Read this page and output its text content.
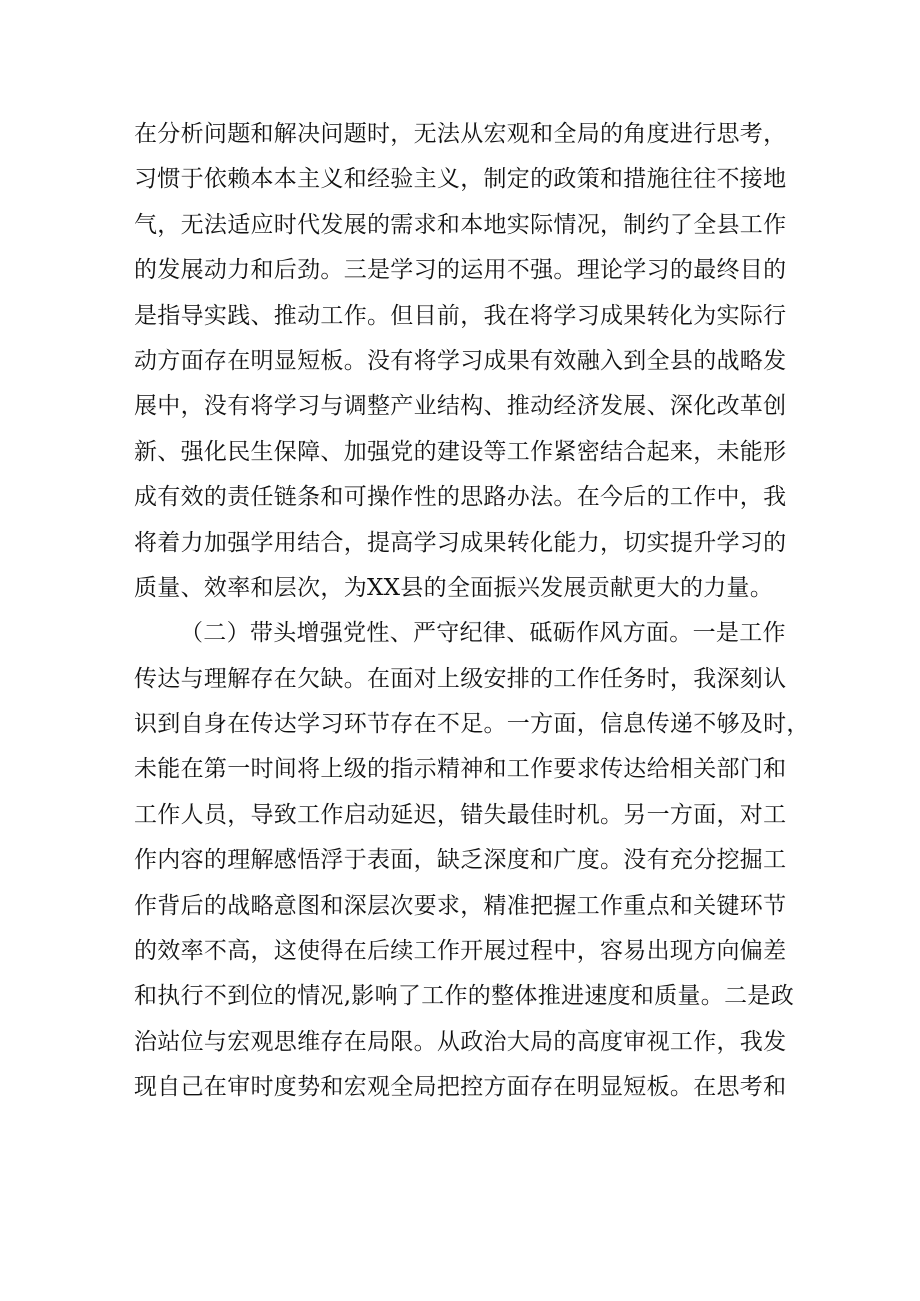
在分析问题和解决问题时，无法从宏观和全局的角度进行思考，
习惯于依赖本本主义和经验主义，制定的政策和措施往往不接地
气，无法适应时代发展的需求和本地实际情况，制约了全县工作
的发展动力和后劲。三是学习的运用不强。理论学习的最终目的
是指导实践、推动工作。但目前，我在将学习成果转化为实际行
动方面存在明显短板。没有将学习成果有效融入到全县的战略发
展中，没有将学习与调整产业结构、推动经济发展、深化改革创
新、强化民生保障、加强党的建设等工作紧密结合起来，未能形
成有效的责任链条和可操作性的思路办法。在今后的工作中，我
将着力加强学用结合，提高学习成果转化能力，切实提升学习的
质量、效率和层次，为XX县的全面振兴发展贡献更大的力量。
（二）带头增强党性、严守纪律、砥砺作风方面。一是工作
传达与理解存在欠缺。在面对上级安排的工作任务时，我深刻认
识到自身在传达学习环节存在不足。一方面，信息传递不够及时，
未能在第一时间将上级的指示精神和工作要求传达给相关部门和
工作人员，导致工作启动延迟，错失最佳时机。另一方面，对工
作内容的理解感悟浮于表面，缺乏深度和广度。没有充分挖掘工
作背后的战略意图和深层次要求，精准把握工作重点和关键环节
的效率不高，这使得在后续工作开展过程中，容易出现方向偏差
和执行不到位的情况,影响了工作的整体推进速度和质量。二是政
治站位与宏观思维存在局限。从政治大局的高度审视工作，我发
现自己在审时度势和宏观全局把控方面存在明显短板。在思考和
